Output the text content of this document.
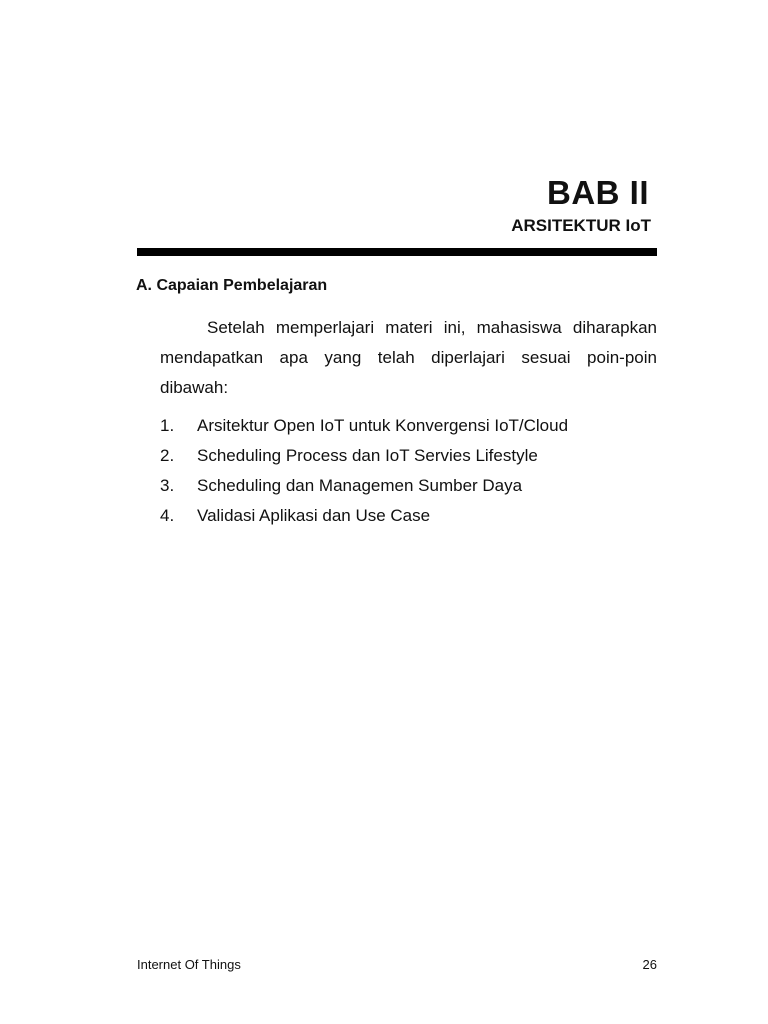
BAB II
ARSITEKTUR IoT
A. Capaian Pembelajaran

Setelah memperlajari materi ini, mahasiswa diharapkan mendapatkan apa yang telah diperlajari sesuai poin-poin dibawah:

1.	Arsitektur Open IoT untuk Konvergensi IoT/Cloud
2.	Scheduling Process dan IoT Servies Lifestyle
3.	Scheduling dan Managemen Sumber Daya
4.	Validasi Aplikasi dan Use Case
Internet Of Things	26
